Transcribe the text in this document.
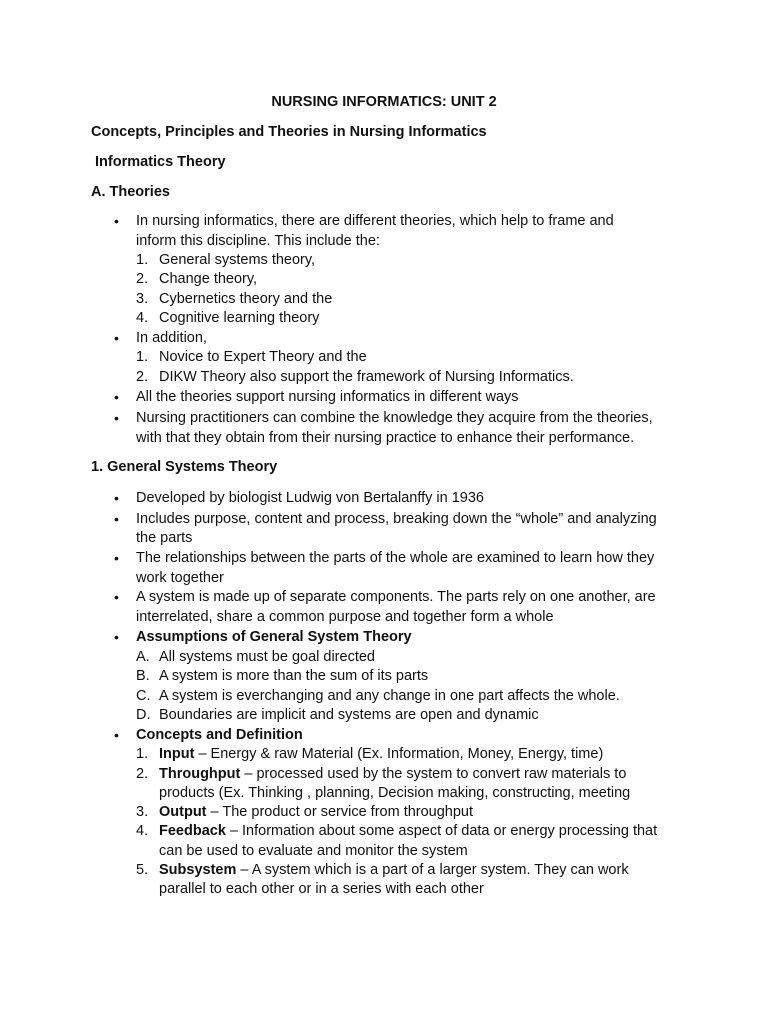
NURSING INFORMATICS: UNIT 2
Concepts, Principles and Theories in Nursing Informatics
Informatics Theory
A. Theories
• In nursing informatics, there are different theories, which help to frame and
inform this discipline. This include the:
1. General systems theory,
2. Change theory,
3. Cybernetics theory and the
4. Cognitive learning theory
• In addition,
1. Novice to Expert Theory and the
2. DIKW Theory also support the framework of Nursing Informatics.
• All the theories support nursing informatics in different ways
• Nursing practitioners can combine the knowledge they acquire from the theories,
with that they obtain from their nursing practice to enhance their performance.
1. General Systems Theory
• Developed by biologist Ludwig von Bertalanffy in 1936
• Includes purpose, content and process, breaking down the “whole” and analyzing
the parts
• The relationships between the parts of the whole are examined to learn how they
work together
• A system is made up of separate components. The parts rely on one another, are
interrelated, share a common purpose and together form a whole
• Assumptions of General System Theory
A. All systems must be goal directed
B. A system is more than the sum of its parts
C. A system is everchanging and any change in one part affects the whole.
D. Boundaries are implicit and systems are open and dynamic
• Concepts and Definition
1. Input – Energy & raw Material (Ex. Information, Money, Energy, time)
2. Throughput – processed used by the system to convert raw materials to
products (Ex. Thinking , planning, Decision making, constructing, meeting
3. Output – The product or service from throughput
4. Feedback – Information about some aspect of data or energy processing that
can be used to evaluate and monitor the system
5. Subsystem – A system which is a part of a larger system. They can work
parallel to each other or in a series with each other
